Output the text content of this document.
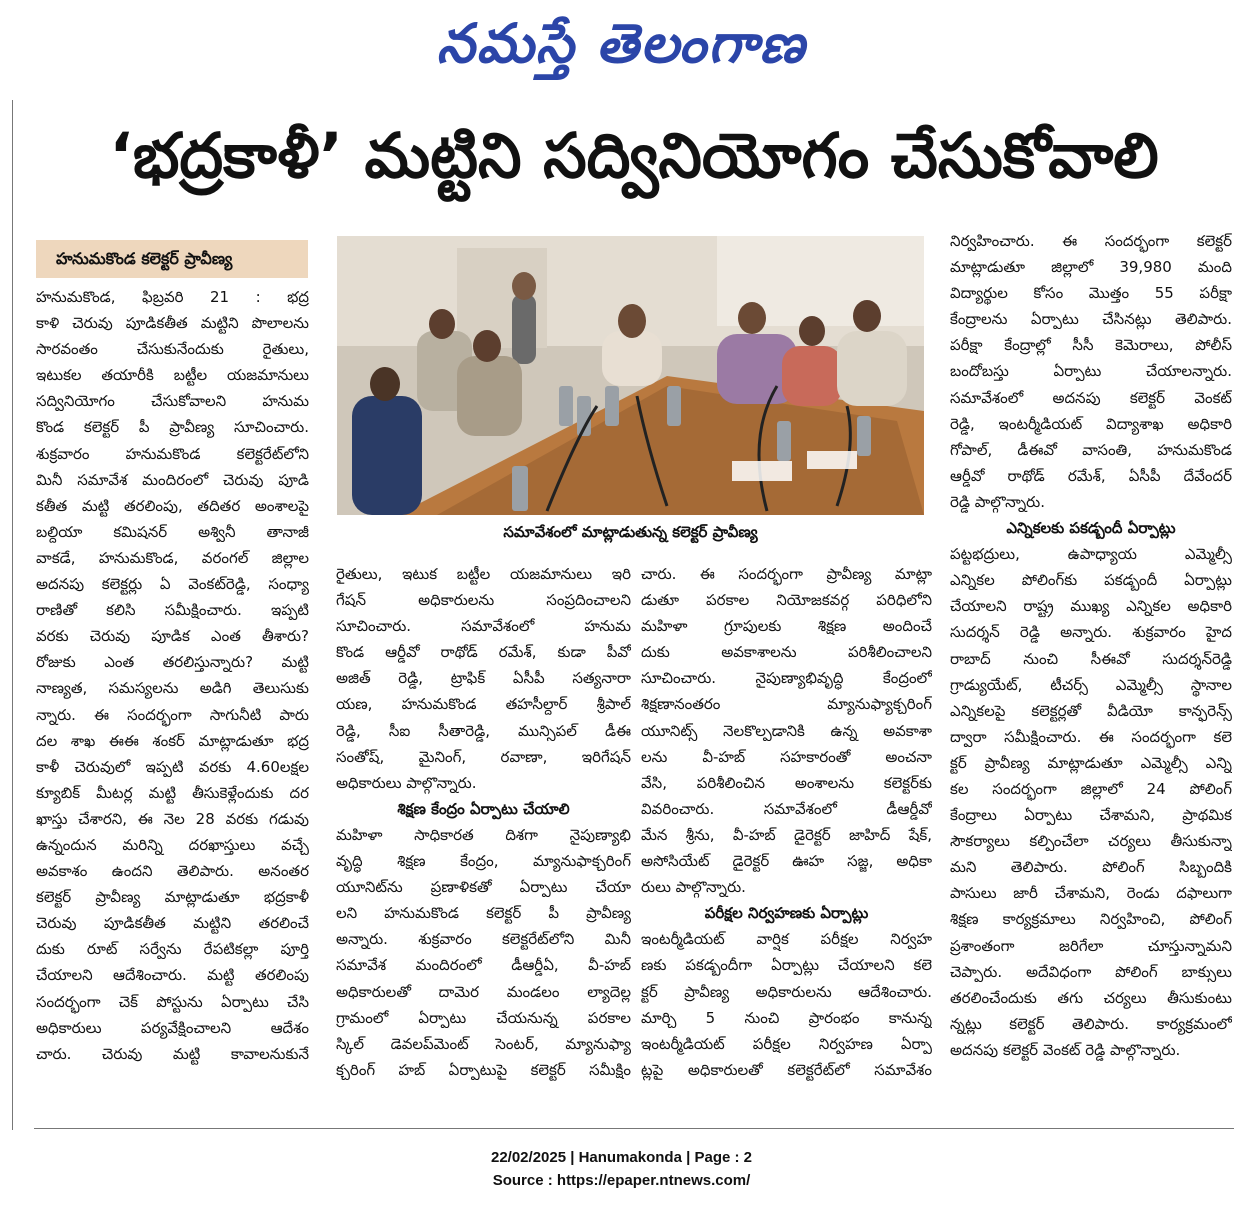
నమస్తే తెలంగాణ
‘భద్రకాళీ’ మట్టిని సద్వినియోగం చేసుకోవాలి
హనుమకొండ కలెక్టర్ ప్రావీణ్య
హనుమకొండ, ఫిబ్రవరి 21 : భద్ర
కాళి చెరువు పూడికతీత మట్టిని పొలాలను
సారవంతం చేసుకునేందుకు రైతులు,
ఇటుకల తయారీకి బట్టీల యజమానులు
సద్వినియోగం చేసుకోవాలని హనుమ
కొండ కలెక్టర్ పీ ప్రావీణ్య సూచించారు.
శుక్రవారం హనుమకొండ కలెక్టరేట్‌లోని
మినీ సమావేశ మందిరంలో చెరువు పూడి
కతీత మట్టి తరలింపు, తదితర అంశాలపై
బల్దియా కమిషనర్ అశ్వినీ తానాజీ
వాకడే, హనుమకొండ, వరంగల్ జిల్లాల
అదనపు కలెక్టర్లు ఏ వెంకట్‌రెడ్డి, సంధ్యా
రాణితో కలిసి సమీక్షించారు. ఇప్పటి
వరకు చెరువు పూడిక ఎంత తీశారు?
రోజుకు ఎంత తరలిస్తున్నారు? మట్టి
నాణ్యత, సమస్యలను అడిగి తెలుసుకు
న్నారు. ఈ సందర్భంగా సాగునీటి పారు
దల శాఖ ఈఈ శంకర్ మాట్లాడుతూ భద్ర
కాళీ చెరువులో ఇప్పటి వరకు 4.60లక్షల
క్యూబిక్ మీటర్ల మట్టి తీసుకెళ్లేందుకు దర
ఖాస్తు చేశారని, ఈ నెల 28 వరకు గడువు
ఉన్నందున మరిన్ని దరఖాస్తులు వచ్చే
అవకాశం ఉందని తెలిపారు. అనంతర
కలెక్టర్ ప్రావీణ్య మాట్లాడుతూ భద్రకాళీ
చెరువు పూడికతీత మట్టిని తరలించే
దుకు రూట్ సర్వేను రేపటికల్లా పూర్తి
చేయాలని ఆదేశించారు. మట్టి తరలింపు
సందర్భంగా చెక్ పోస్టును ఏర్పాటు చేసి
అధికారులు పర్యవేక్షించాలని ఆదేశం
చారు. చెరువు మట్టి కావాలనుకునే
సమావేశంలో మాట్లాడుతున్న కలెక్టర్ ప్రావీణ్య
రైతులు, ఇటుక బట్టీల యజమానులు ఇరి
గేషన్ అధికారులను సంప్రదించాలని
సూచించారు. సమావేశంలో హనుమ
కొండ ఆర్డీవో రాథోడ్ రమేశ్, కుడా పీవో
అజిత్ రెడ్డి, ట్రాఫిక్ ఏసీపీ సత్యనారా
యణ, హనుమకొండ తహసీల్దార్ శ్రీపాల్
రెడ్డి, సీఐ సీతారెడ్డి, మున్సిపల్ డీఈ
సంతోష్, మైనింగ్, రవాణా, ఇరిగేషన్
అధికారులు పాల్గొన్నారు.
శిక్షణ కేంద్రం ఏర్పాటు చేయాలి
మహిళా సాధికారత దిశగా నైపుణ్యాభి
వృద్ధి శిక్షణ కేంద్రం, మ్యానుఫాక్చరింగ్
యూనిట్‌ను ప్రణాళికతో ఏర్పాటు చేయా
లని హనుమకొండ కలెక్టర్ పీ ప్రావీణ్య
అన్నారు. శుక్రవారం కలెక్టరేట్‌లోని మినీ
సమావేశ మందిరంలో డీఆర్డీఏ, వీ-హబ్
అధికారులతో దామెర మండలం ల్యాదెల్ల
గ్రామంలో ఏర్పాటు చేయనున్న పరకాల
స్కిల్ డెవలప్‌మెంట్ సెంటర్, మ్యానుఫ్యా
క్చరింగ్ హబ్ ఏర్పాటుపై కలెక్టర్ సమీక్షిం
చారు. ఈ సందర్భంగా ప్రావీణ్య మాట్లా
డుతూ పరకాల నియోజకవర్గ పరిధిలోని
మహిళా గ్రూపులకు శిక్షణ అందించే
దుకు అవకాశాలను పరిశీలించాలని
సూచించారు. నైపుణ్యాభివృద్ధి కేంద్రంలో
శిక్షణానంతరం మ్యానుఫ్యాక్చరింగ్
యూనిట్స్ నెలకొల్పడానికి ఉన్న అవకాశా
లను వీ-హబ్ సహకారంతో అంచనా
వేసి, పరిశీలించిన అంశాలను కలెక్టర్‌కు
వివరించారు. సమావేశంలో డీఆర్డీవో
మేన శ్రీను, వీ-హబ్ డైరెక్టర్ జాహిద్ షేక్,
అసోసియేట్ డైరెక్టర్ ఊహ సజ్జ, అధికా
రులు పాల్గొన్నారు.
పరీక్షల నిర్వహణకు ఏర్పాట్లు
ఇంటర్మీడియట్ వార్షిక పరీక్షల నిర్వహ
ణకు పకడ్బందీగా ఏర్పాట్లు చేయాలని కలె
క్టర్ ప్రావీణ్య అధికారులను ఆదేశించారు.
మార్చి 5 నుంచి ప్రారంభం కానున్న
ఇంటర్మీడియట్ పరీక్షల నిర్వహణ ఏర్పా
ట్లపై అధికారులతో కలెక్టరేట్‌లో సమావేశం
నిర్వహించారు. ఈ సందర్భంగా కలెక్టర్
మాట్లాడుతూ జిల్లాలో 39,980 మంది
విద్యార్థుల కోసం మొత్తం 55 పరీక్షా
కేంద్రాలను ఏర్పాటు చేసినట్లు తెలిపారు.
పరీక్షా కేంద్రాల్లో సీసీ కెమెరాలు, పోలీస్
బందోబస్తు ఏర్పాటు చేయాలన్నారు.
సమావేశంలో అదనపు కలెక్టర్ వెంకట్
రెడ్డి, ఇంటర్మీడియట్ విద్యాశాఖ అధికారి
గోపాల్, డీఈవో వాసంతి, హనుమకొండ
ఆర్డీవో రాథోడ్ రమేశ్, ఏసీపీ దేవేందర్
రెడ్డి పాల్గొన్నారు.
ఎన్నికలకు పకడ్బందీ ఏర్పాట్లు
పట్టభద్రులు, ఉపాధ్యాయ ఎమ్మెల్సీ
ఎన్నికల పోలింగ్‌కు పకడ్బందీ ఏర్పాట్లు
చేయాలని రాష్ట్ర ముఖ్య ఎన్నికల అధికారి
సుదర్శన్ రెడ్డి అన్నారు. శుక్రవారం హైద
రాబాద్ నుంచి సీఈవో సుదర్శన్‌రెడ్డి
గ్రాడ్యుయేట్, టీచర్స్ ఎమ్మెల్సీ స్థానాల
ఎన్నికలపై కలెక్టర్లతో వీడియో కాన్ఫరెన్స్
ద్వారా సమీక్షించారు. ఈ సందర్భంగా కలె
క్టర్ ప్రావీణ్య మాట్లాడుతూ ఎమ్మెల్సీ ఎన్ని
కల సందర్భంగా జిల్లాలో 24 పోలింగ్
కేంద్రాలు ఏర్పాటు చేశామని, ప్రాథమిక
సౌకర్యాలు కల్పించేలా చర్యలు తీసుకున్నా
మని తెలిపారు. పోలింగ్ సిబ్బందికి
పాసులు జారీ చేశామని, రెండు దఫాలుగా
శిక్షణ కార్యక్రమాలు నిర్వహించి, పోలింగ్
ప్రశాంతంగా జరిగేలా చూస్తున్నామని
చెప్పారు. అదేవిధంగా పోలింగ్ బాక్సులు
తరలించేందుకు తగు చర్యలు తీసుకుంటు
న్నట్లు కలెక్టర్ తెలిపారు. కార్యక్రమంలో
అదనపు కలెక్టర్ వెంకట్ రెడ్డి పాల్గొన్నారు.
22/02/2025 | Hanumakonda | Page : 2
Source : https://epaper.ntnews.com/
